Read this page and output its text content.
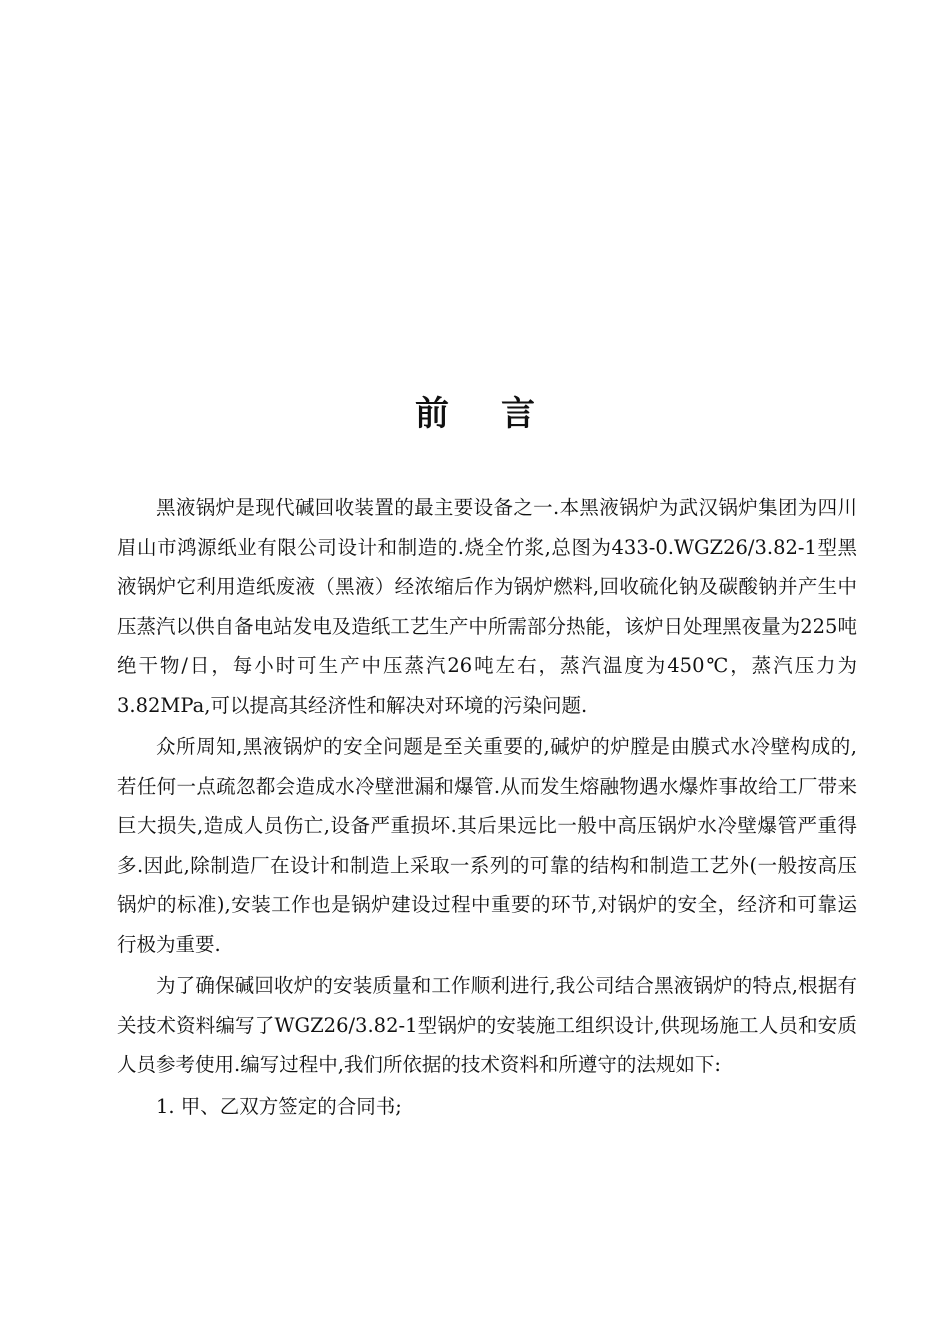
前言

黑液锅炉是现代碱回收装置的最主要设备之一.本黑液锅炉为武汉锅炉集团为四川眉山市鸿源纸业有限公司设计和制造的.烧全竹浆,总图为433-0.WGZ26/3.82-1型黑液锅炉它利用造纸废液（黑液）经浓缩后作为锅炉燃料,回收硫化钠及碳酸钠并产生中压蒸汽以供自备电站发电及造纸工艺生产中所需部分热能，该炉日处理黑夜量为225吨绝干物/日，每小时可生产中压蒸汽26吨左右，蒸汽温度为450℃，蒸汽压力为3.82MPa,可以提高其经济性和解决对环境的污染问题.

众所周知,黑液锅炉的安全问题是至关重要的,碱炉的炉膛是由膜式水冷壁构成的,若任何一点疏忽都会造成水冷壁泄漏和爆管.从而发生熔融物遇水爆炸事故给工厂带来巨大损失,造成人员伤亡,设备严重损坏.其后果远比一般中高压锅炉水冷壁爆管严重得多.因此,除制造厂在设计和制造上采取一系列的可靠的结构和制造工艺外(一般按高压锅炉的标准),安装工作也是锅炉建设过程中重要的环节,对锅炉的安全，经济和可靠运行极为重要.

为了确保碱回收炉的安装质量和工作顺利进行,我公司结合黑液锅炉的特点,根据有关技术资料编写了WGZ26/3.82-1型锅炉的安装施工组织设计,供现场施工人员和安质人员参考使用.编写过程中,我们所依据的技术资料和所遵守的法规如下:

1. 甲、乙双方签定的合同书;
